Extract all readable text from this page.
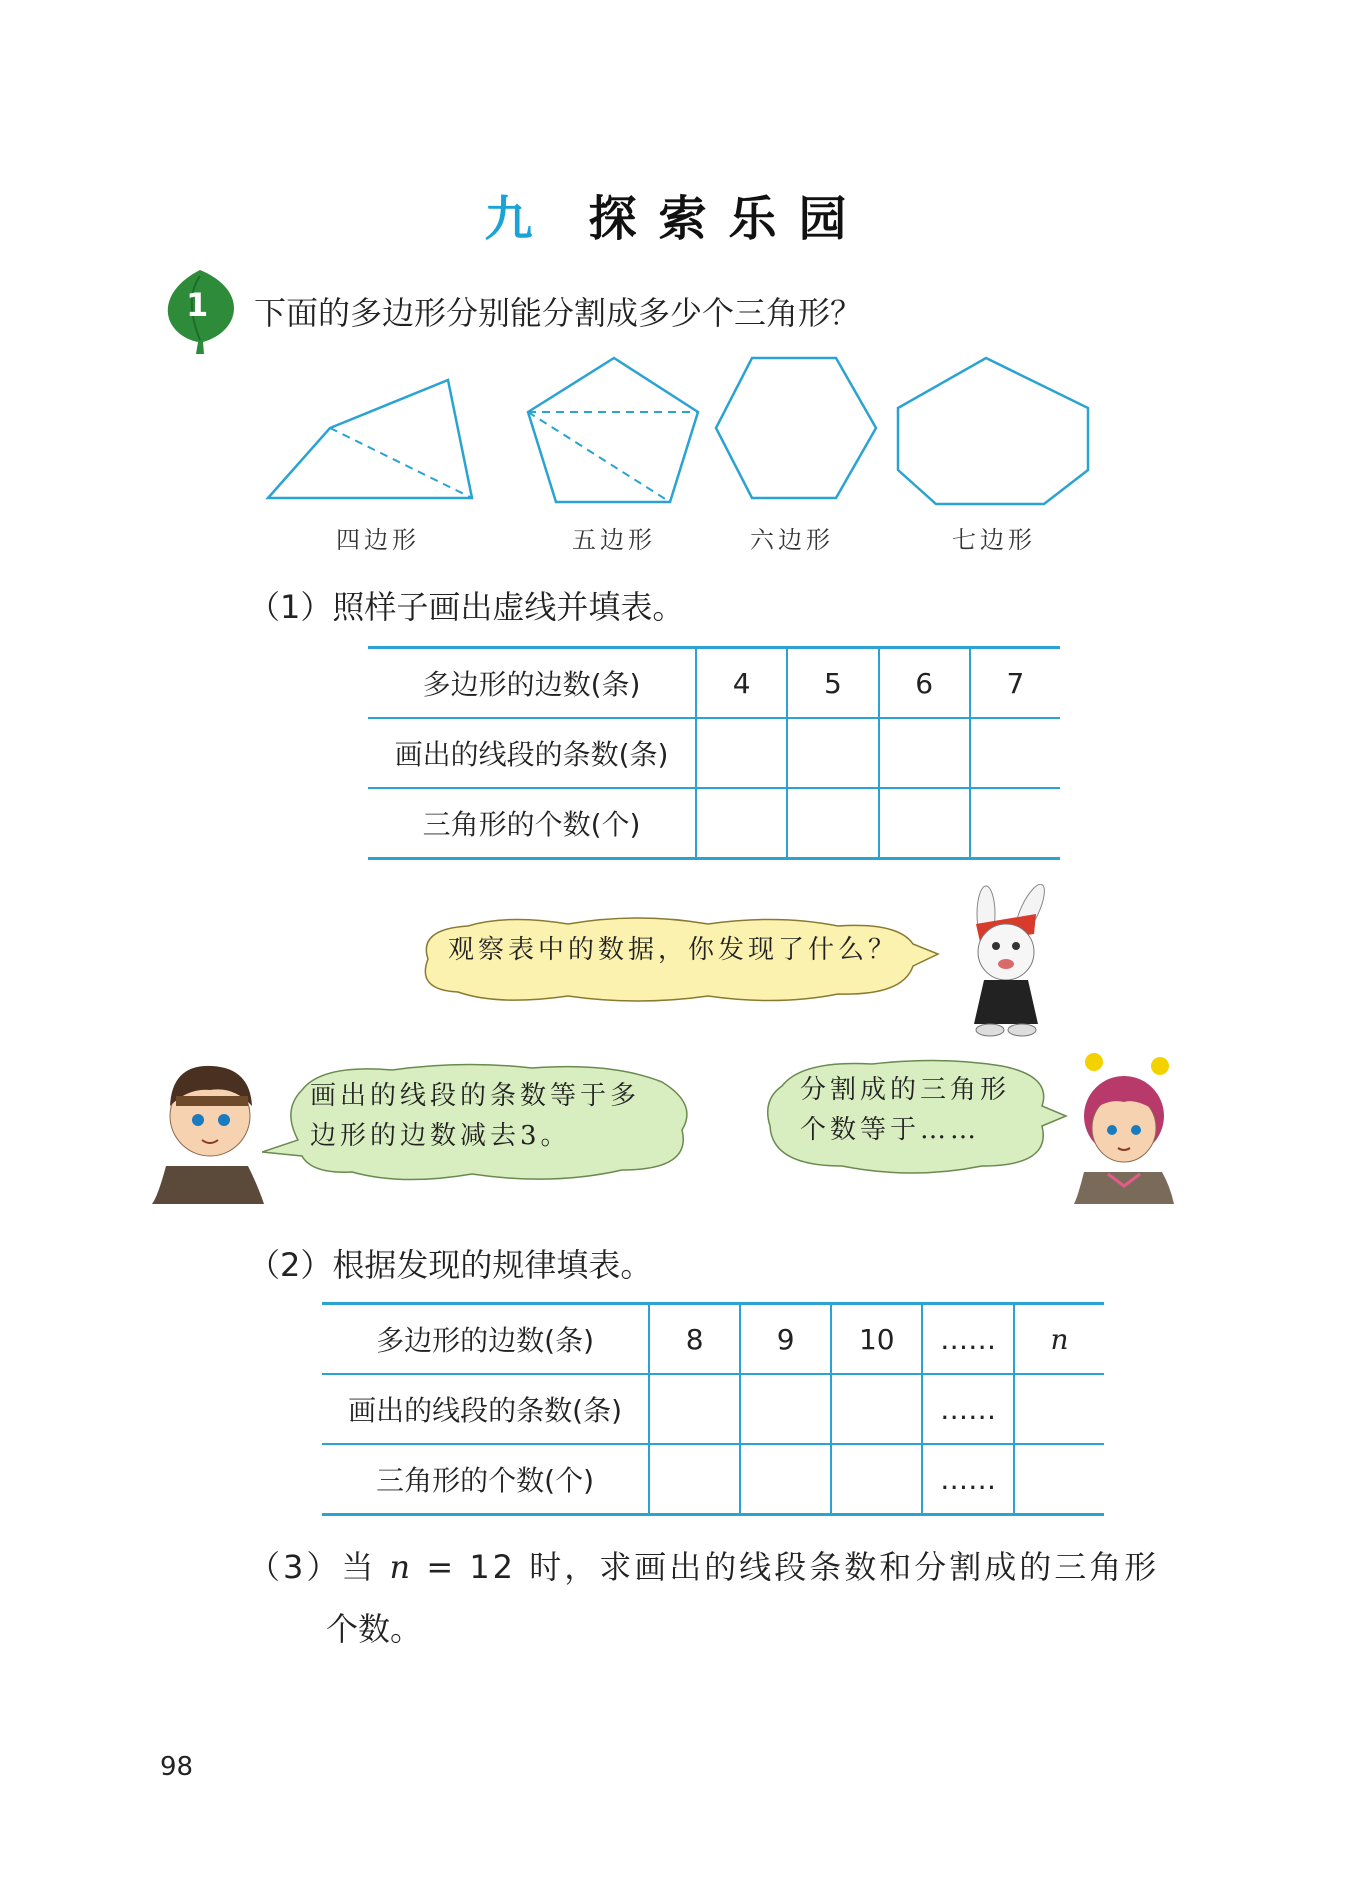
九 探索乐园
1 下面的多边形分别能分割成多少个三角形？
四边形	五边形	六边形	七边形
（1）照样子画出虚线并填表。
多边形的边数(条)	4	5	6	7
画出的线段的条数(条)				
三角形的个数(个)				
观察表中的数据，你发现了什么？
画出的线段的条数等于多
边形的边数减去3。
分割成的三角形
个数等于……
（2）根据发现的规律填表。
多边形的边数(条)	8	9	10	……	n
画出的线段的条数(条)				……	
三角形的个数(个)				……	
（3）当 n = 12 时，求画出的线段条数和分割成的三角形
个数。
98
